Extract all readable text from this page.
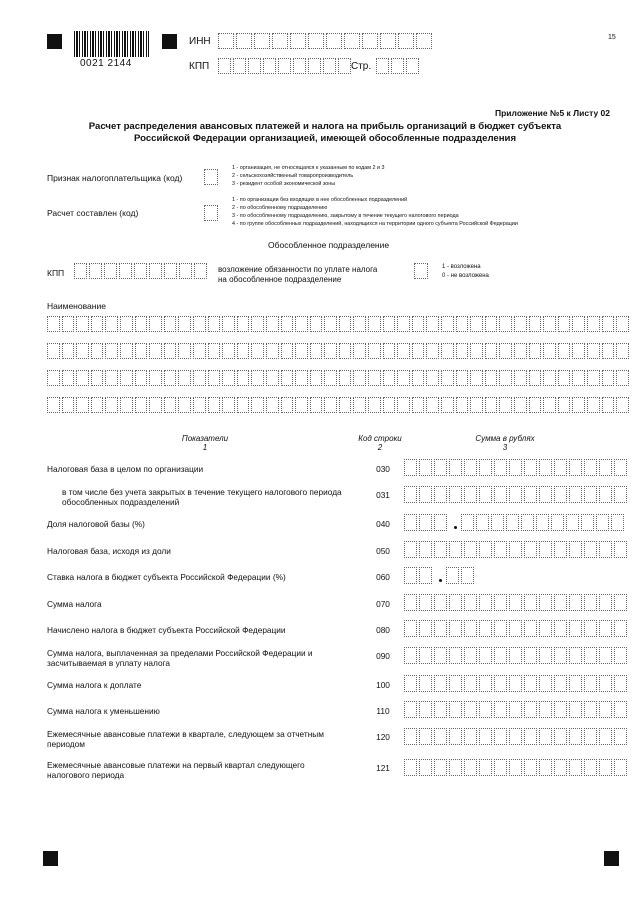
0021 2144
15
ИНН
КПП	Стр.
Приложение №5 к Листу 02
Расчет распределения авансовых платежей и налога на прибыль организаций в бюджет субъекта Российской Федерации организацией, имеющей обособленные подразделения
Признак налогоплательщика (код)
1 - организация, не относящаяся к указанным по кодам 2 и 3
2 - сельскохозяйственный товаропроизводитель
3 - резидент особой экономической зоны
Расчет составлен (код)
1 - по организации без входящих в нее обособленных подразделений
2 - по обособленному подразделению
3 - по обособленному подразделению, закрытому в течение текущего налогового периода
4 - по группе обособленных подразделений, находящихся на территории одного субъекта Российской Федерации
Обособленное подразделение
КПП	возложение обязанности по уплате налога
на обособленное подразделение
1 - возложена
0 - не возложена
Наименование
Показатели
1
Код строки
2
Сумма в рублях
3
Налоговая база в целом по организации	030
в том числе без учета закрытых в течение текущего налогового периода обособленных подразделений
031
Доля налоговой базы (%)	040
Налоговая база, исходя из доли	050
Ставка налога в бюджет субъекта Российской Федерации (%)	060
Сумма налога	070
Начислено налога в бюджет субъекта Российской Федерации	080
Сумма налога, выплаченная за пределами Российской Федерации и засчитываемая в уплату налога
090
Сумма налога к доплате	100
Сумма налога к уменьшению	110
Ежемесячные авансовые платежи в квартале, следующем за отчетным периодом
120
Ежемесячные авансовые платежи на первый квартал следующего налогового периода
121
